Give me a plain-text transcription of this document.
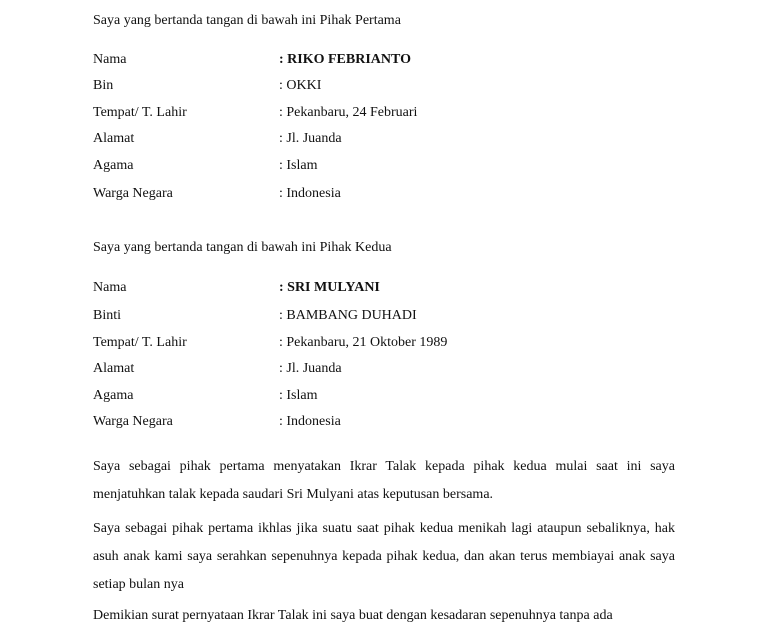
Saya yang bertanda tangan di bawah ini Pihak Pertama
Nama	: RIKO FEBRIANTO
Bin	: OKKI
Tempat/ T. Lahir	: Pekanbaru, 24 Februari
Alamat	: Jl. Juanda
Agama	: Islam
Warga Negara	: Indonesia
Saya yang bertanda tangan di bawah ini Pihak Kedua
Nama	: SRI MULYANI
Binti	: BAMBANG DUHADI
Tempat/ T. Lahir	: Pekanbaru, 21 Oktober 1989
Alamat	: Jl. Juanda
Agama	: Islam
Warga Negara	: Indonesia

Saya sebagai pihak pertama menyatakan Ikrar Talak kepada pihak kedua mulai saat ini saya menjatuhkan talak kepada saudari Sri Mulyani atas keputusan bersama.

Saya sebagai pihak pertama ikhlas jika suatu saat pihak kedua menikah lagi ataupun sebaliknya, hak asuh anak kami saya serahkan sepenuhnya kepada pihak kedua, dan akan terus membiayai anak saya setiap bulan nya

Demikian surat pernyataan Ikrar Talak ini saya buat dengan kesadaran sepenuhnya tanpa ada
